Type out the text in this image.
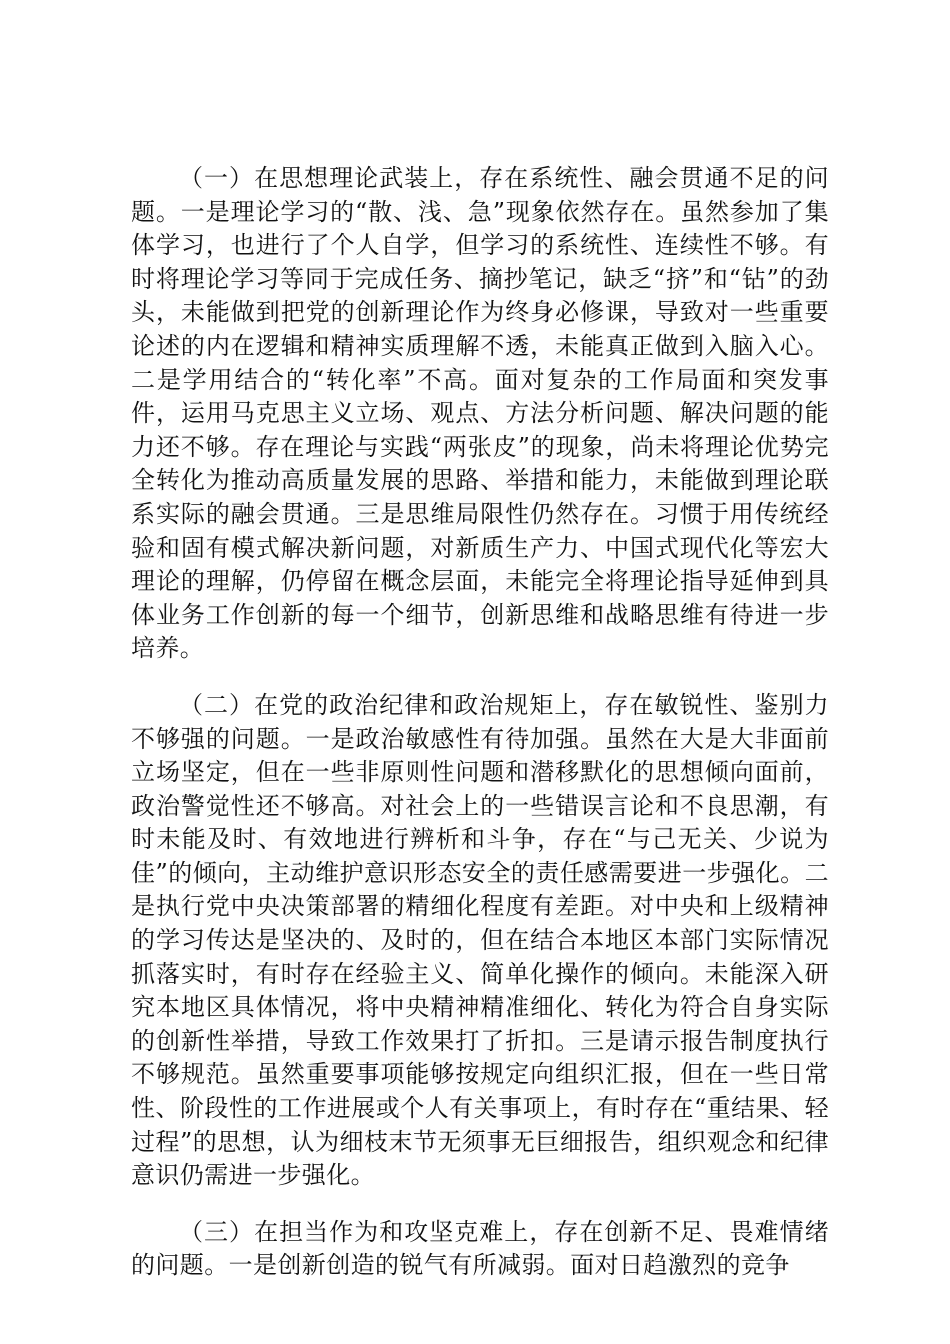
（一）在思想理论武装上，存在系统性、融会贯通不足的问题。一是理论学习的“散、浅、急”现象依然存在。虽然参加了集体学习，也进行了个人自学，但学习的系统性、连续性不够。有时将理论学习等同于完成任务、摘抄笔记，缺乏“挤”和“钻”的劲头，未能做到把党的创新理论作为终身必修课，导致对一些重要论述的内在逻辑和精神实质理解不透，未能真正做到入脑入心。二是学用结合的“转化率”不高。面对复杂的工作局面和突发事件，运用马克思主义立场、观点、方法分析问题、解决问题的能力还不够。存在理论与实践“两张皮”的现象，尚未将理论优势完全转化为推动高质量发展的思路、举措和能力，未能做到理论联系实际的融会贯通。三是思维局限性仍然存在。习惯于用传统经验和固有模式解决新问题，对新质生产力、中国式现代化等宏大理论的理解，仍停留在概念层面，未能完全将理论指导延伸到具体业务工作创新的每一个细节，创新思维和战略思维有待进一步培养。

（二）在党的政治纪律和政治规矩上，存在敏锐性、鉴别力不够强的问题。一是政治敏感性有待加强。虽然在大是大非面前立场坚定，但在一些非原则性问题和潜移默化的思想倾向面前，政治警觉性还不够高。对社会上的一些错误言论和不良思潮，有时未能及时、有效地进行辨析和斗争，存在“与己无关、少说为佳”的倾向，主动维护意识形态安全的责任感需要进一步强化。二是执行党中央决策部署的精细化程度有差距。对中央和上级精神的学习传达是坚决的、及时的，但在结合本地区本部门实际情况抓落实时，有时存在经验主义、简单化操作的倾向。未能深入研究本地区具体情况，将中央精神精准细化、转化为符合自身实际的创新性举措，导致工作效果打了折扣。三是请示报告制度执行不够规范。虽然重要事项能够按规定向组织汇报，但在一些日常性、阶段性的工作进展或个人有关事项上，有时存在“重结果、轻过程”的思想，认为细枝末节无须事无巨细报告，组织观念和纪律意识仍需进一步强化。

（三）在担当作为和攻坚克难上，存在创新不足、畏难情绪的问题。一是创新创造的锐气有所减弱。面对日趋激烈的竞争
